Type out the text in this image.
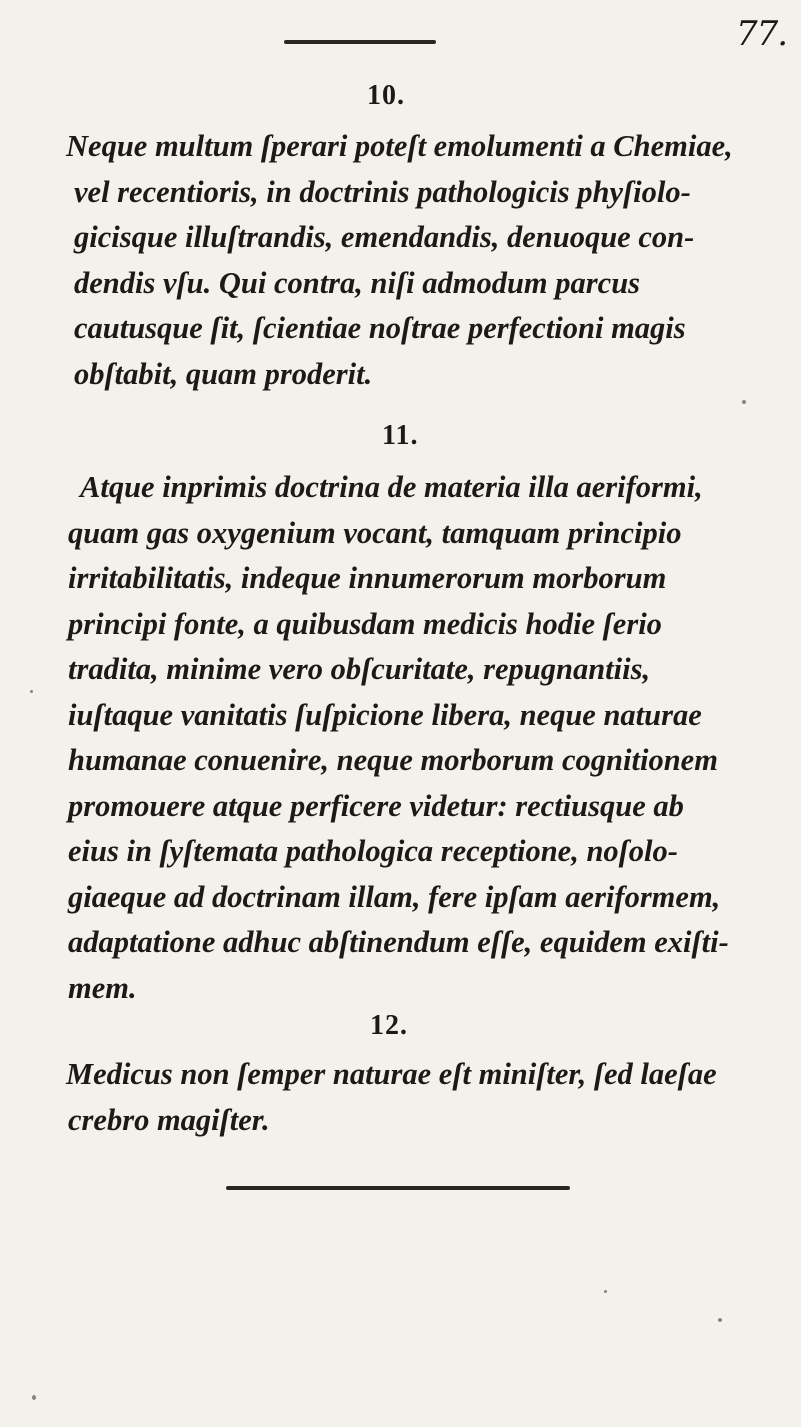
77.
10.
Neque multum ſperari poteſt emolumenti a Chemiae,
vel recentioris, in doctrinis pathologicis phyſiolo-
gicisque illuſtrandis, emendandis, denuoque con-
dendis vſu. Qui contra, niſi admodum parcus
cautusque ſit, ſcientiae noſtrae perfectioni magis
obſtabit, quam proderit.
11.
Atque inprimis doctrina de materia illa aeriformi,
quam gas oxygenium vocant, tamquam principio
irritabilitatis, indeque innumerorum morborum
principi fonte, a quibusdam medicis hodie ſerio
tradita, minime vero obſcuritate, repugnantiis,
iuſtaque vanitatis ſuſpicione libera, neque naturae
humanae conuenire, neque morborum cognitionem
promouere atque perficere videtur: rectiusque ab
eius in ſyſtemata pathologica receptione, noſolo-
giaeque ad doctrinam illam, fere ipſam aeriformem,
adaptatione adhuc abſtinendum eſſe, equidem exiſti-
mem.
12.
Medicus non ſemper naturae eſt miniſter, ſed laeſae
crebro magiſter.
